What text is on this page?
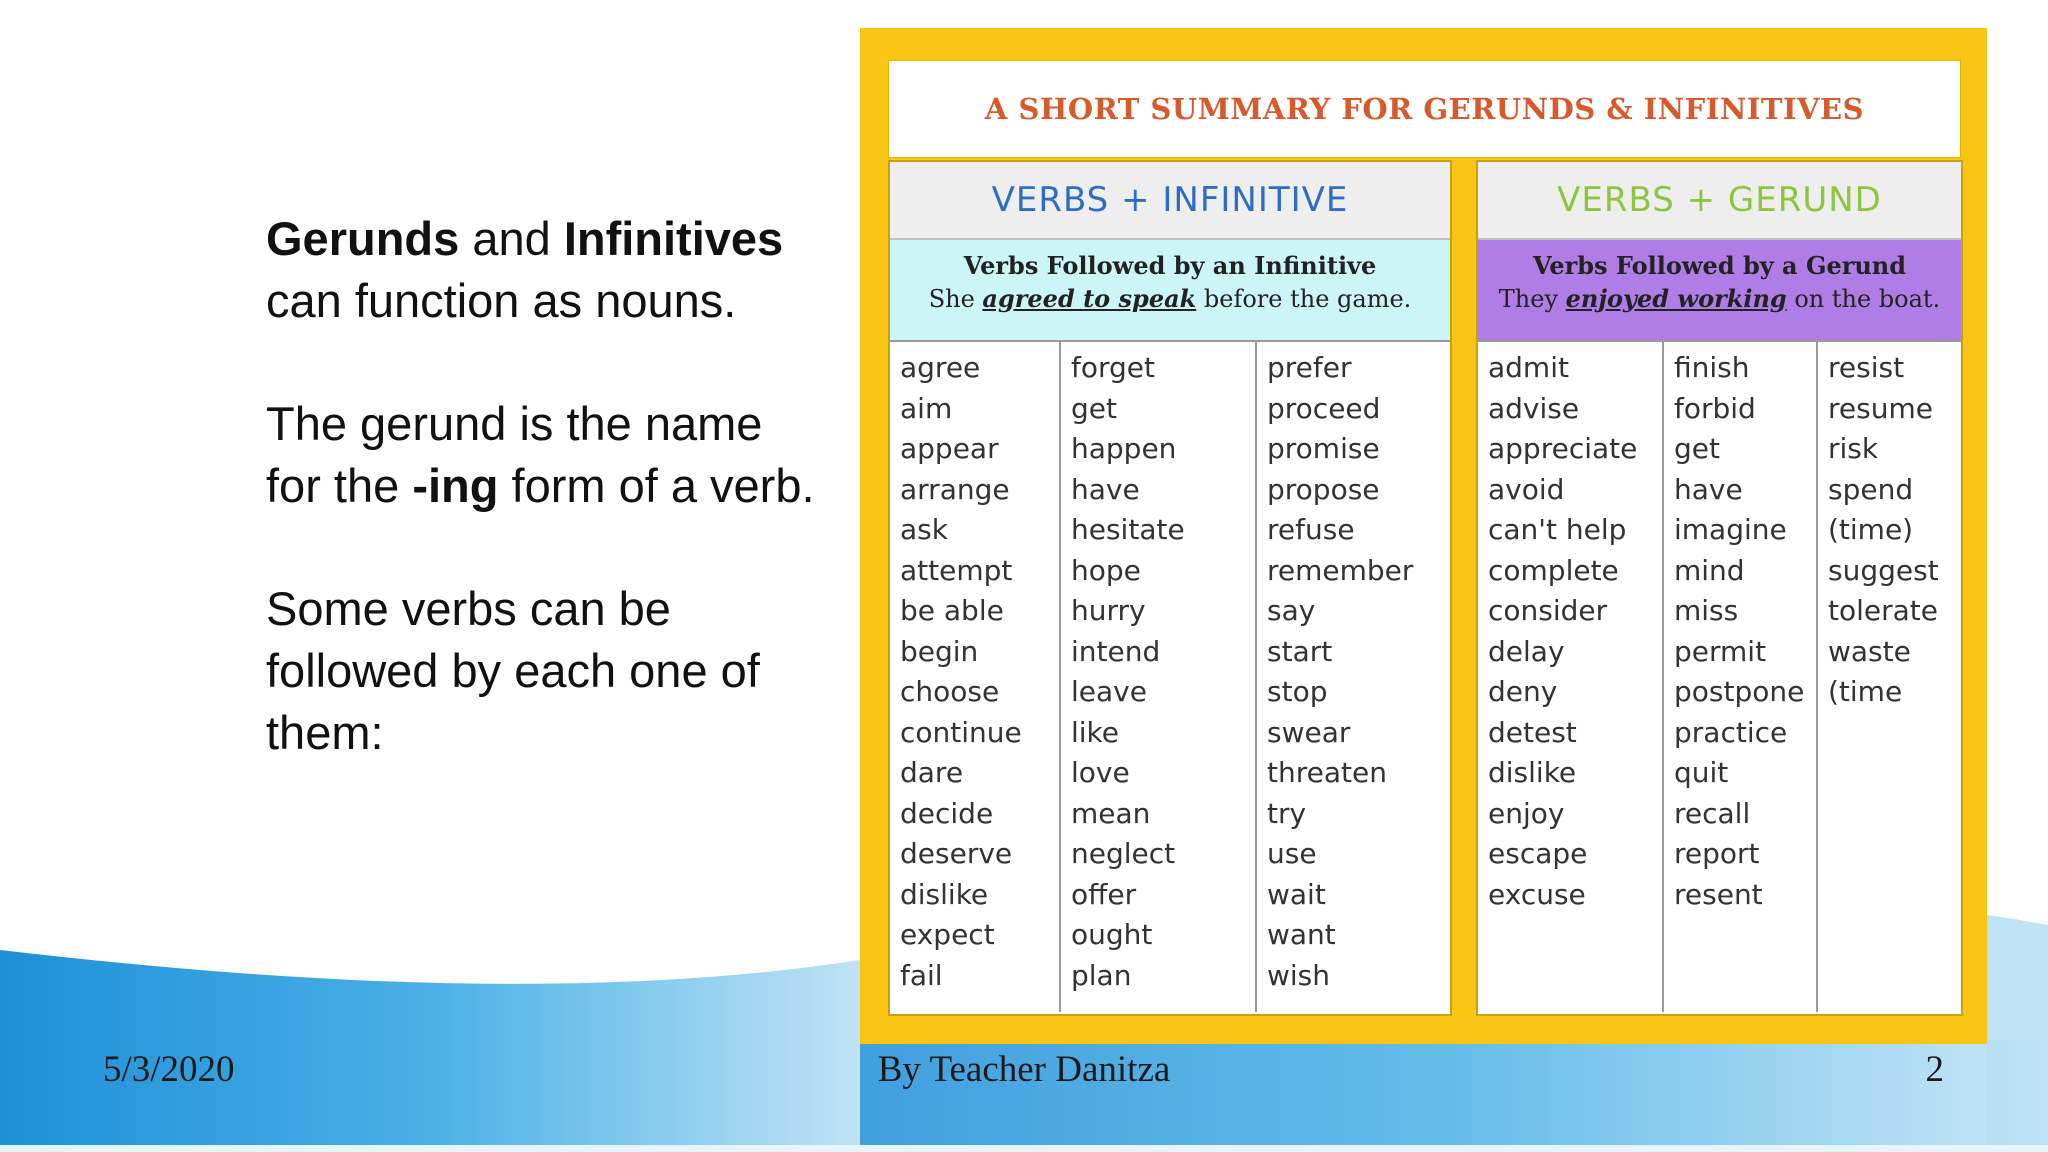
Gerunds and Infinitives can function as nouns.

The gerund is the name for the -ing form of a verb.

Some verbs can be followed by each one of them:

A SHORT SUMMARY FOR GERUNDS & INFINITIVES
VERBS + INFINITIVE
Verbs Followed by an Infinitive
She agreed to speak before the game.
agree
aim
appear
arrange
ask
attempt
be able
begin
choose
continue
dare
decide
deserve
dislike
expect
fail
forget
get
happen
have
hesitate
hope
hurry
intend
leave
like
love
mean
neglect
offer
ought
plan
prefer
proceed
promise
propose
refuse
remember
say
start
stop
swear
threaten
try
use
wait
want
wish
VERBS + GERUND
Verbs Followed by a Gerund
They enjoyed working on the boat.
admit
advise
appreciate
avoid
can't help
complete
consider
delay
deny
detest
dislike
enjoy
escape
excuse
finish
forbid
get
have
imagine
mind
miss
permit
postpone
practice
quit
recall
report
resent
resist
resume
risk
spend
(time)
suggest
tolerate
waste
(time
5/3/2020	By Teacher Danitza	2
